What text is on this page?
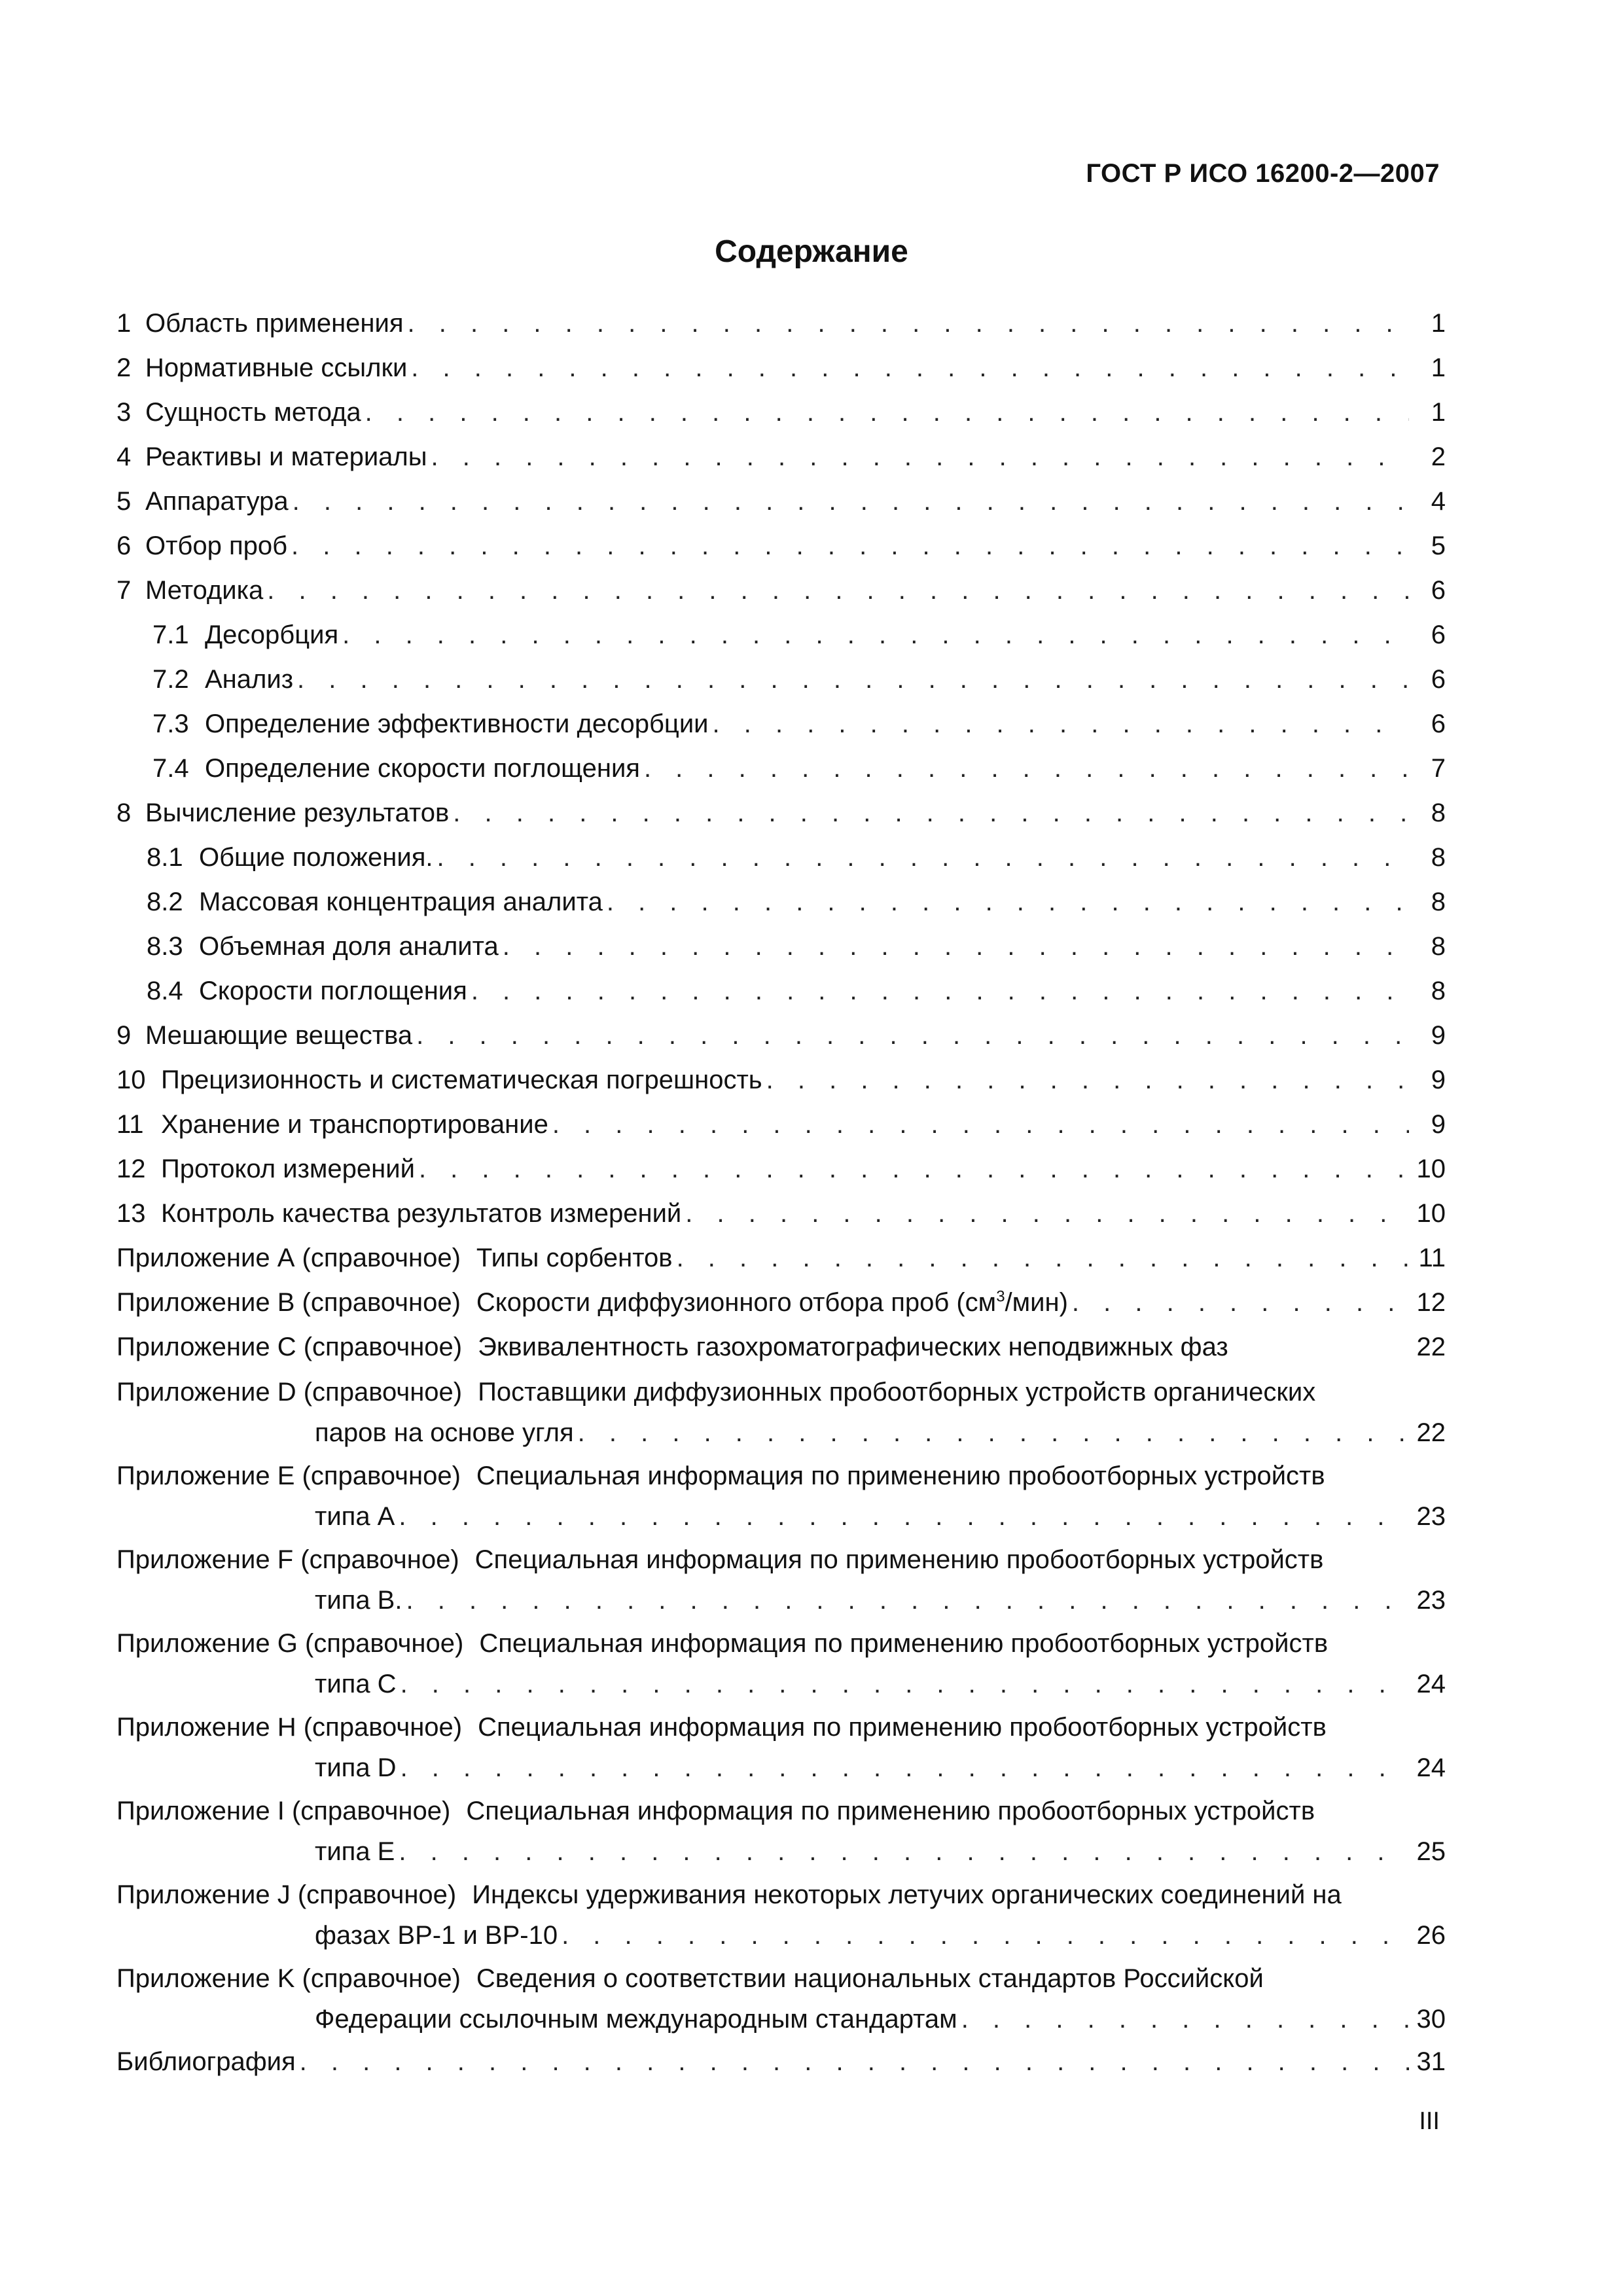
ГОСТ Р ИСО 16200-2—2007
Содержание
1 Область применения . . .	1
2 Нормативные ссылки . . .	1
3 Сущность метода . . .	1
4 Реактивы и материалы . . .	2
5 Аппаратура . . .	4
6 Отбор проб . . .	5
7 Методика . . .	6
7.1 Десорбция . . .	6
7.2 Анализ . . .	6
7.3 Определение эффективности десорбции . . .	6
7.4 Определение скорости поглощения . . .	7
8 Вычисление результатов . . .	8
8.1 Общие положения. . . .	8
8.2 Массовая концентрация аналита . . .	8
8.3 Объемная доля аналита . . .	8
8.4 Скорости поглощения . . .	8
9 Мешающие вещества . . .	9
10 Прецизионность и систематическая погрешность . . .	9
11 Хранение и транспортирование . . .	9
12 Протокол измерений . . .	10
13 Контроль качества результатов измерений . . .	10
Приложение А (справочное) Типы сорбентов . . .	11
Приложение В (справочное) Скорости диффузионного отбора проб $(см^3/мин)$ . . .	12
Приложение С (справочное) Эквивалентность газохроматографических неподвижных фаз	22
Приложение D (справочное) Поставщики диффузионных пробоотборных устройств органических
паров на основе угля . . .	22
Приложение Е (справочное) Специальная информация по применению пробоотборных устройств
типа А . . .	23
Приложение F (справочное) Специальная информация по применению пробоотборных устройств
типа В. . . .	23
Приложение G (справочное) Специальная информация по применению пробоотборных устройств
типа С . . .	24
Приложение Н (справочное) Специальная информация по применению пробоотборных устройств
типа D . . .	24
Приложение I (справочное) Специальная информация по применению пробоотборных устройств
типа Е . . .	25
Приложение J (справочное) Индексы удерживания некоторых летучих органических соединений на
фазах ВР-1 и ВР-10 . . .	26
Приложение K (справочное) Сведения о соответствии национальных стандартов Российской
Федерации ссылочным международным стандартам . . .	30
Библиография . . .	31
III
